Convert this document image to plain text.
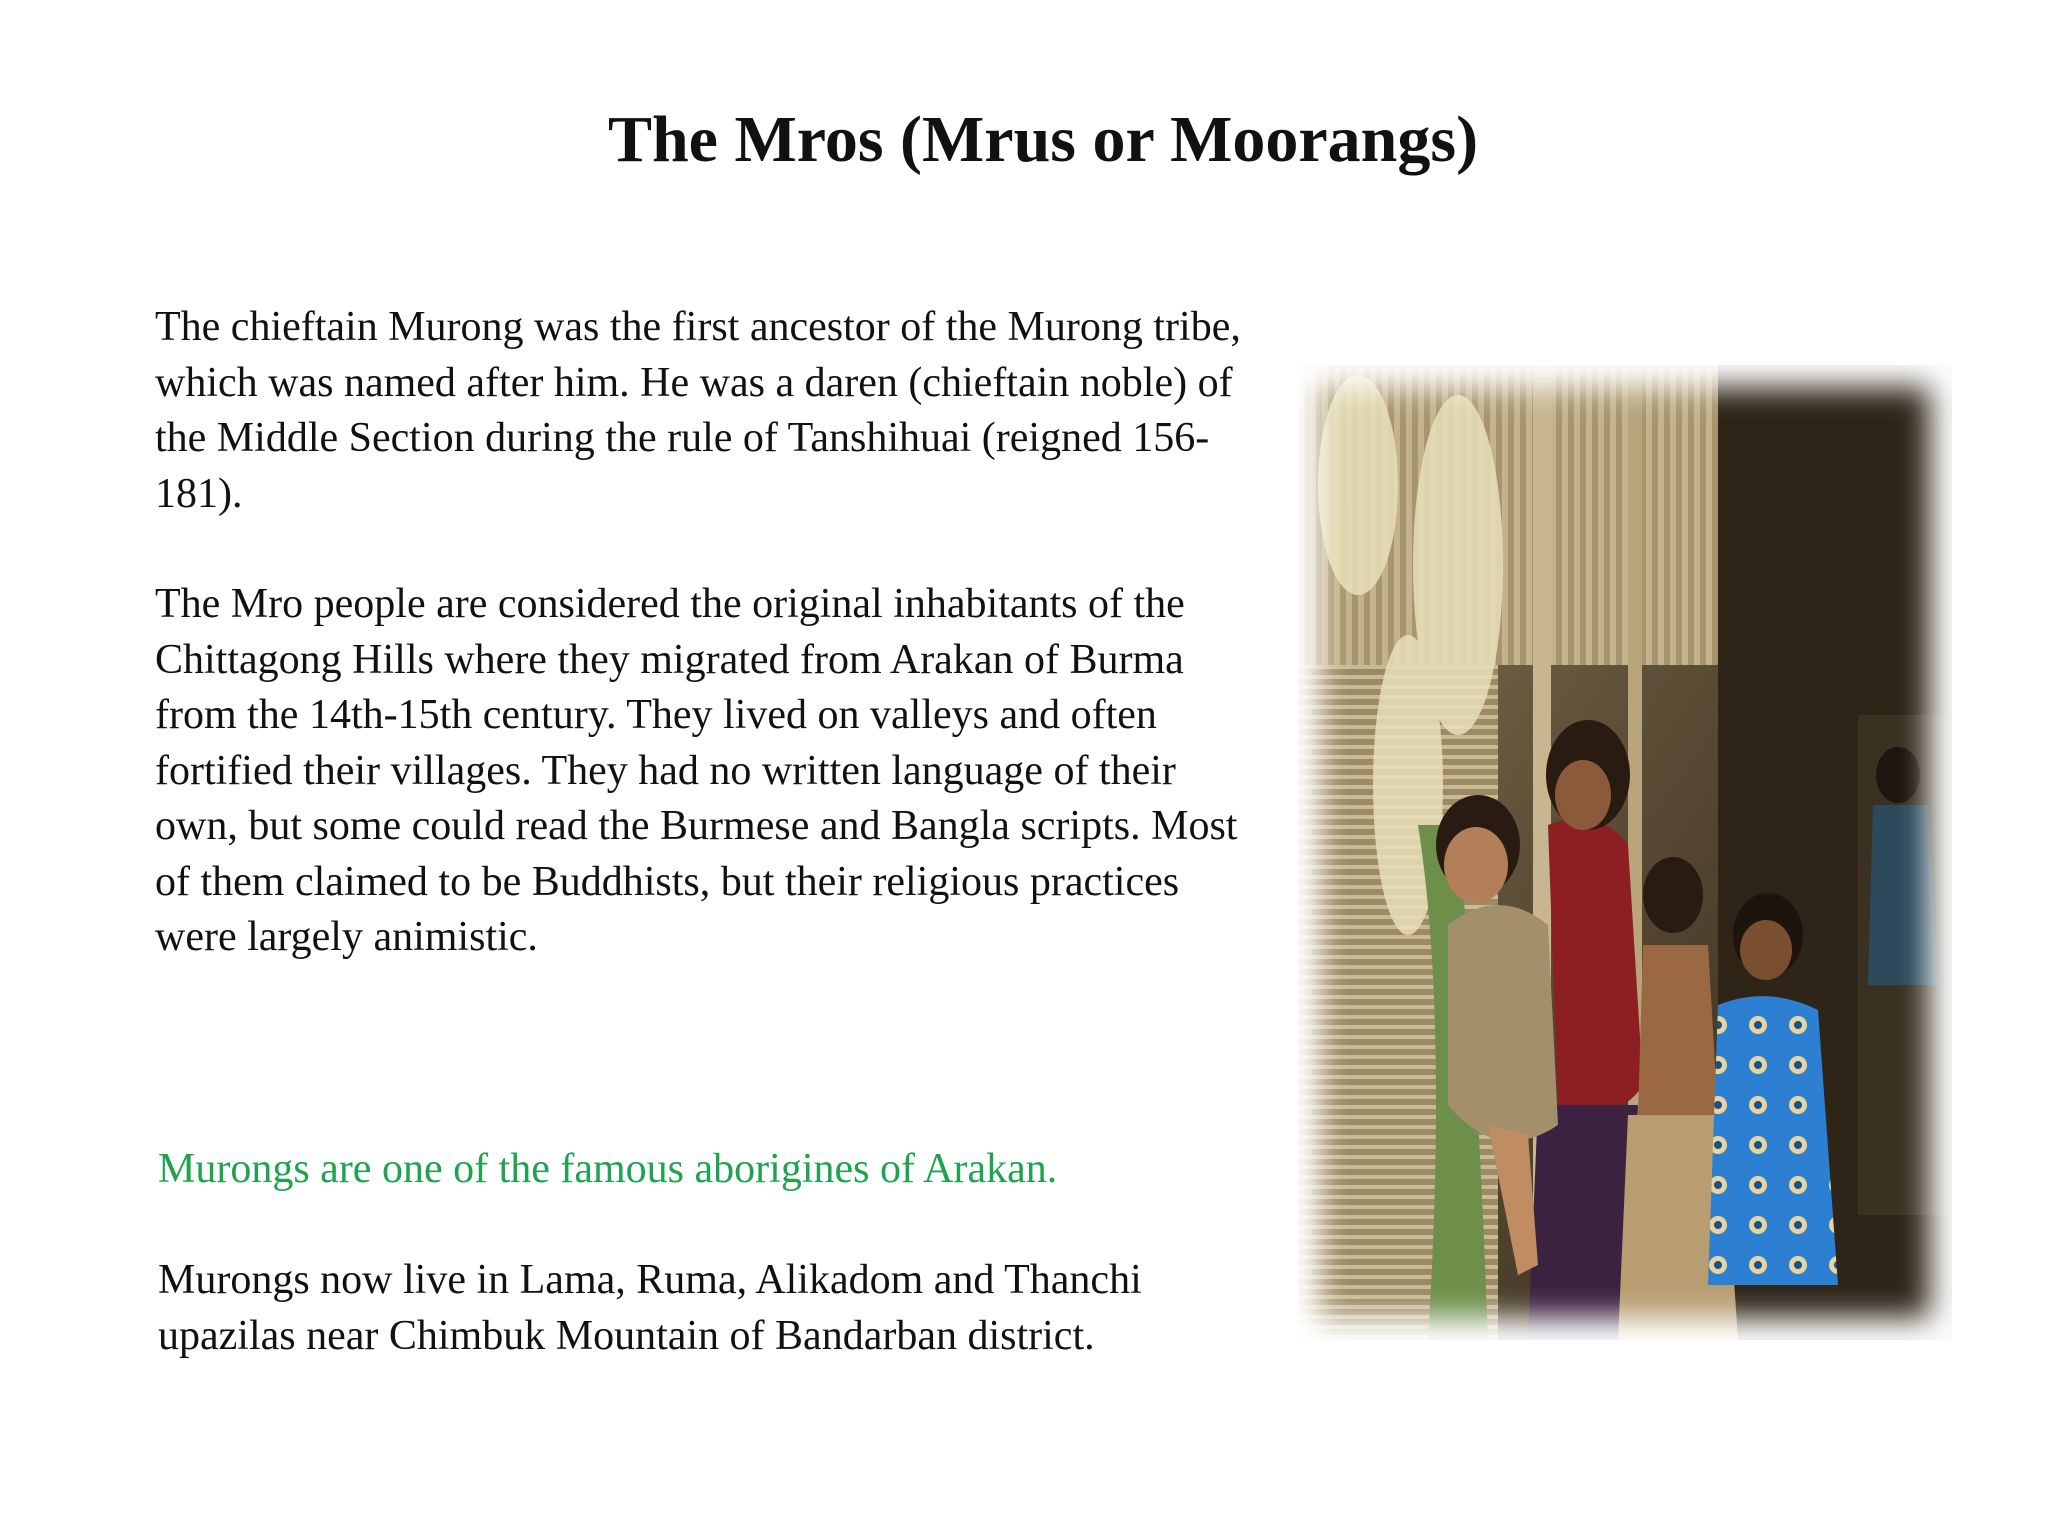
The Mros (Mrus or Moorangs)

The chieftain Murong was the first ancestor of the Murong tribe, which was named after him. He was a daren (chieftain noble) of the Middle Section during the rule of Tanshihuai (reigned 156-181).

The Mro people are considered the original inhabitants of the Chittagong Hills where they migrated from Arakan of Burma from the 14th-15th century. They lived on valleys and often fortified their villages. They had no written language of their own, but some could read the Burmese and Bangla scripts. Most of them claimed to be Buddhists, but their religious practices were largely animistic.

Murongs are one of the famous aborigines of Arakan.

Murongs now live in Lama, Ruma, Alikadom and Thanchi upazilas near Chimbuk Mountain of Bandarban district.
